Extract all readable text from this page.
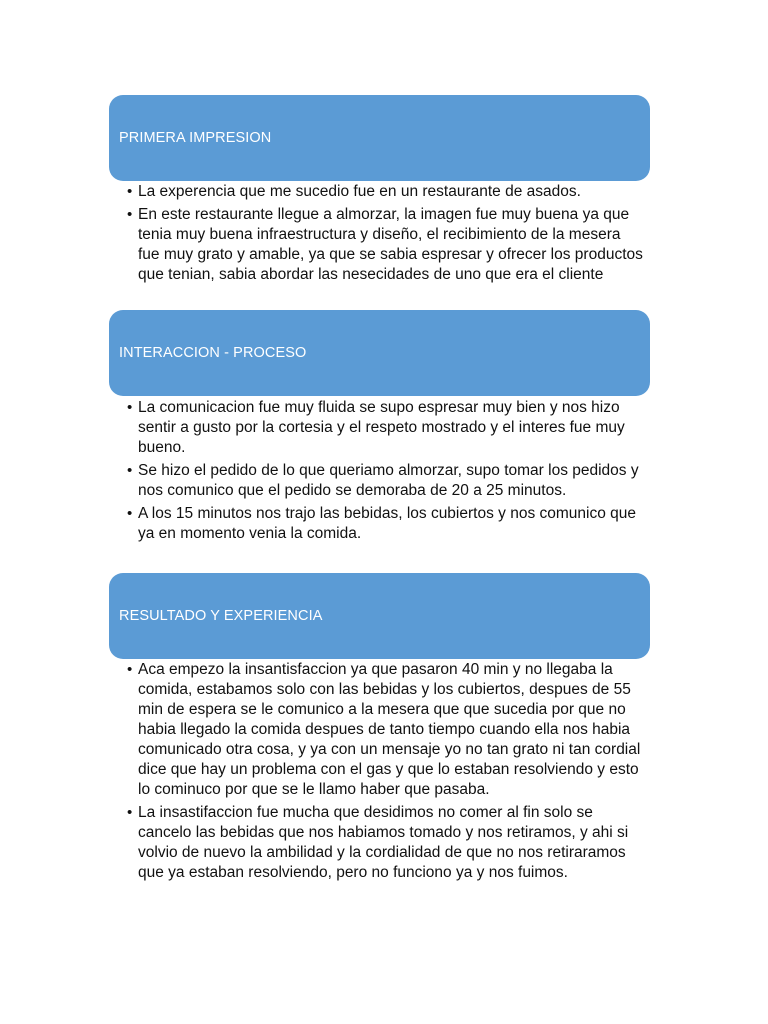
PRIMERA IMPRESION
• La experencia que me sucedio fue en un restaurante de asados.
• En este restaurante llegue a almorzar, la imagen fue muy buena ya que tenia muy buena infraestructura y diseño, el recibimiento de la mesera fue muy grato y amable, ya que se sabia espresar y ofrecer los productos que tenian, sabia abordar las nesecidades de uno que era el cliente
INTERACCION - PROCESO
• La comunicacion fue muy fluida se supo espresar muy bien y nos hizo sentir a gusto por la cortesia y el respeto mostrado y el interes fue muy bueno.
• Se hizo el pedido de lo que queriamo almorzar, supo tomar los pedidos y nos comunico que el pedido se demoraba de 20 a 25 minutos.
• A los 15 minutos nos trajo las bebidas, los cubiertos y nos comunico que ya en momento venia la comida.
RESULTADO Y EXPERIENCIA
• Aca empezo la insantisfaccion ya que pasaron 40 min y no llegaba la comida, estabamos solo con las bebidas y los cubiertos, despues de 55 min de espera se le comunico a la mesera que que sucedia por que no habia llegado la comida despues de tanto tiempo cuando ella nos habia comunicado otra cosa, y ya con un mensaje yo no tan grato ni tan cordial dice que hay un problema con el gas y que lo estaban resolviendo y esto lo cominuco por que se le llamo haber que pasaba.
• La insastifaccion fue mucha que desidimos no comer al fin solo se cancelo las bebidas que nos habiamos tomado y nos retiramos, y ahi si volvio de nuevo la ambilidad y la cordialidad de que no nos retiraramos que ya estaban resolviendo, pero no funciono ya y nos fuimos.
